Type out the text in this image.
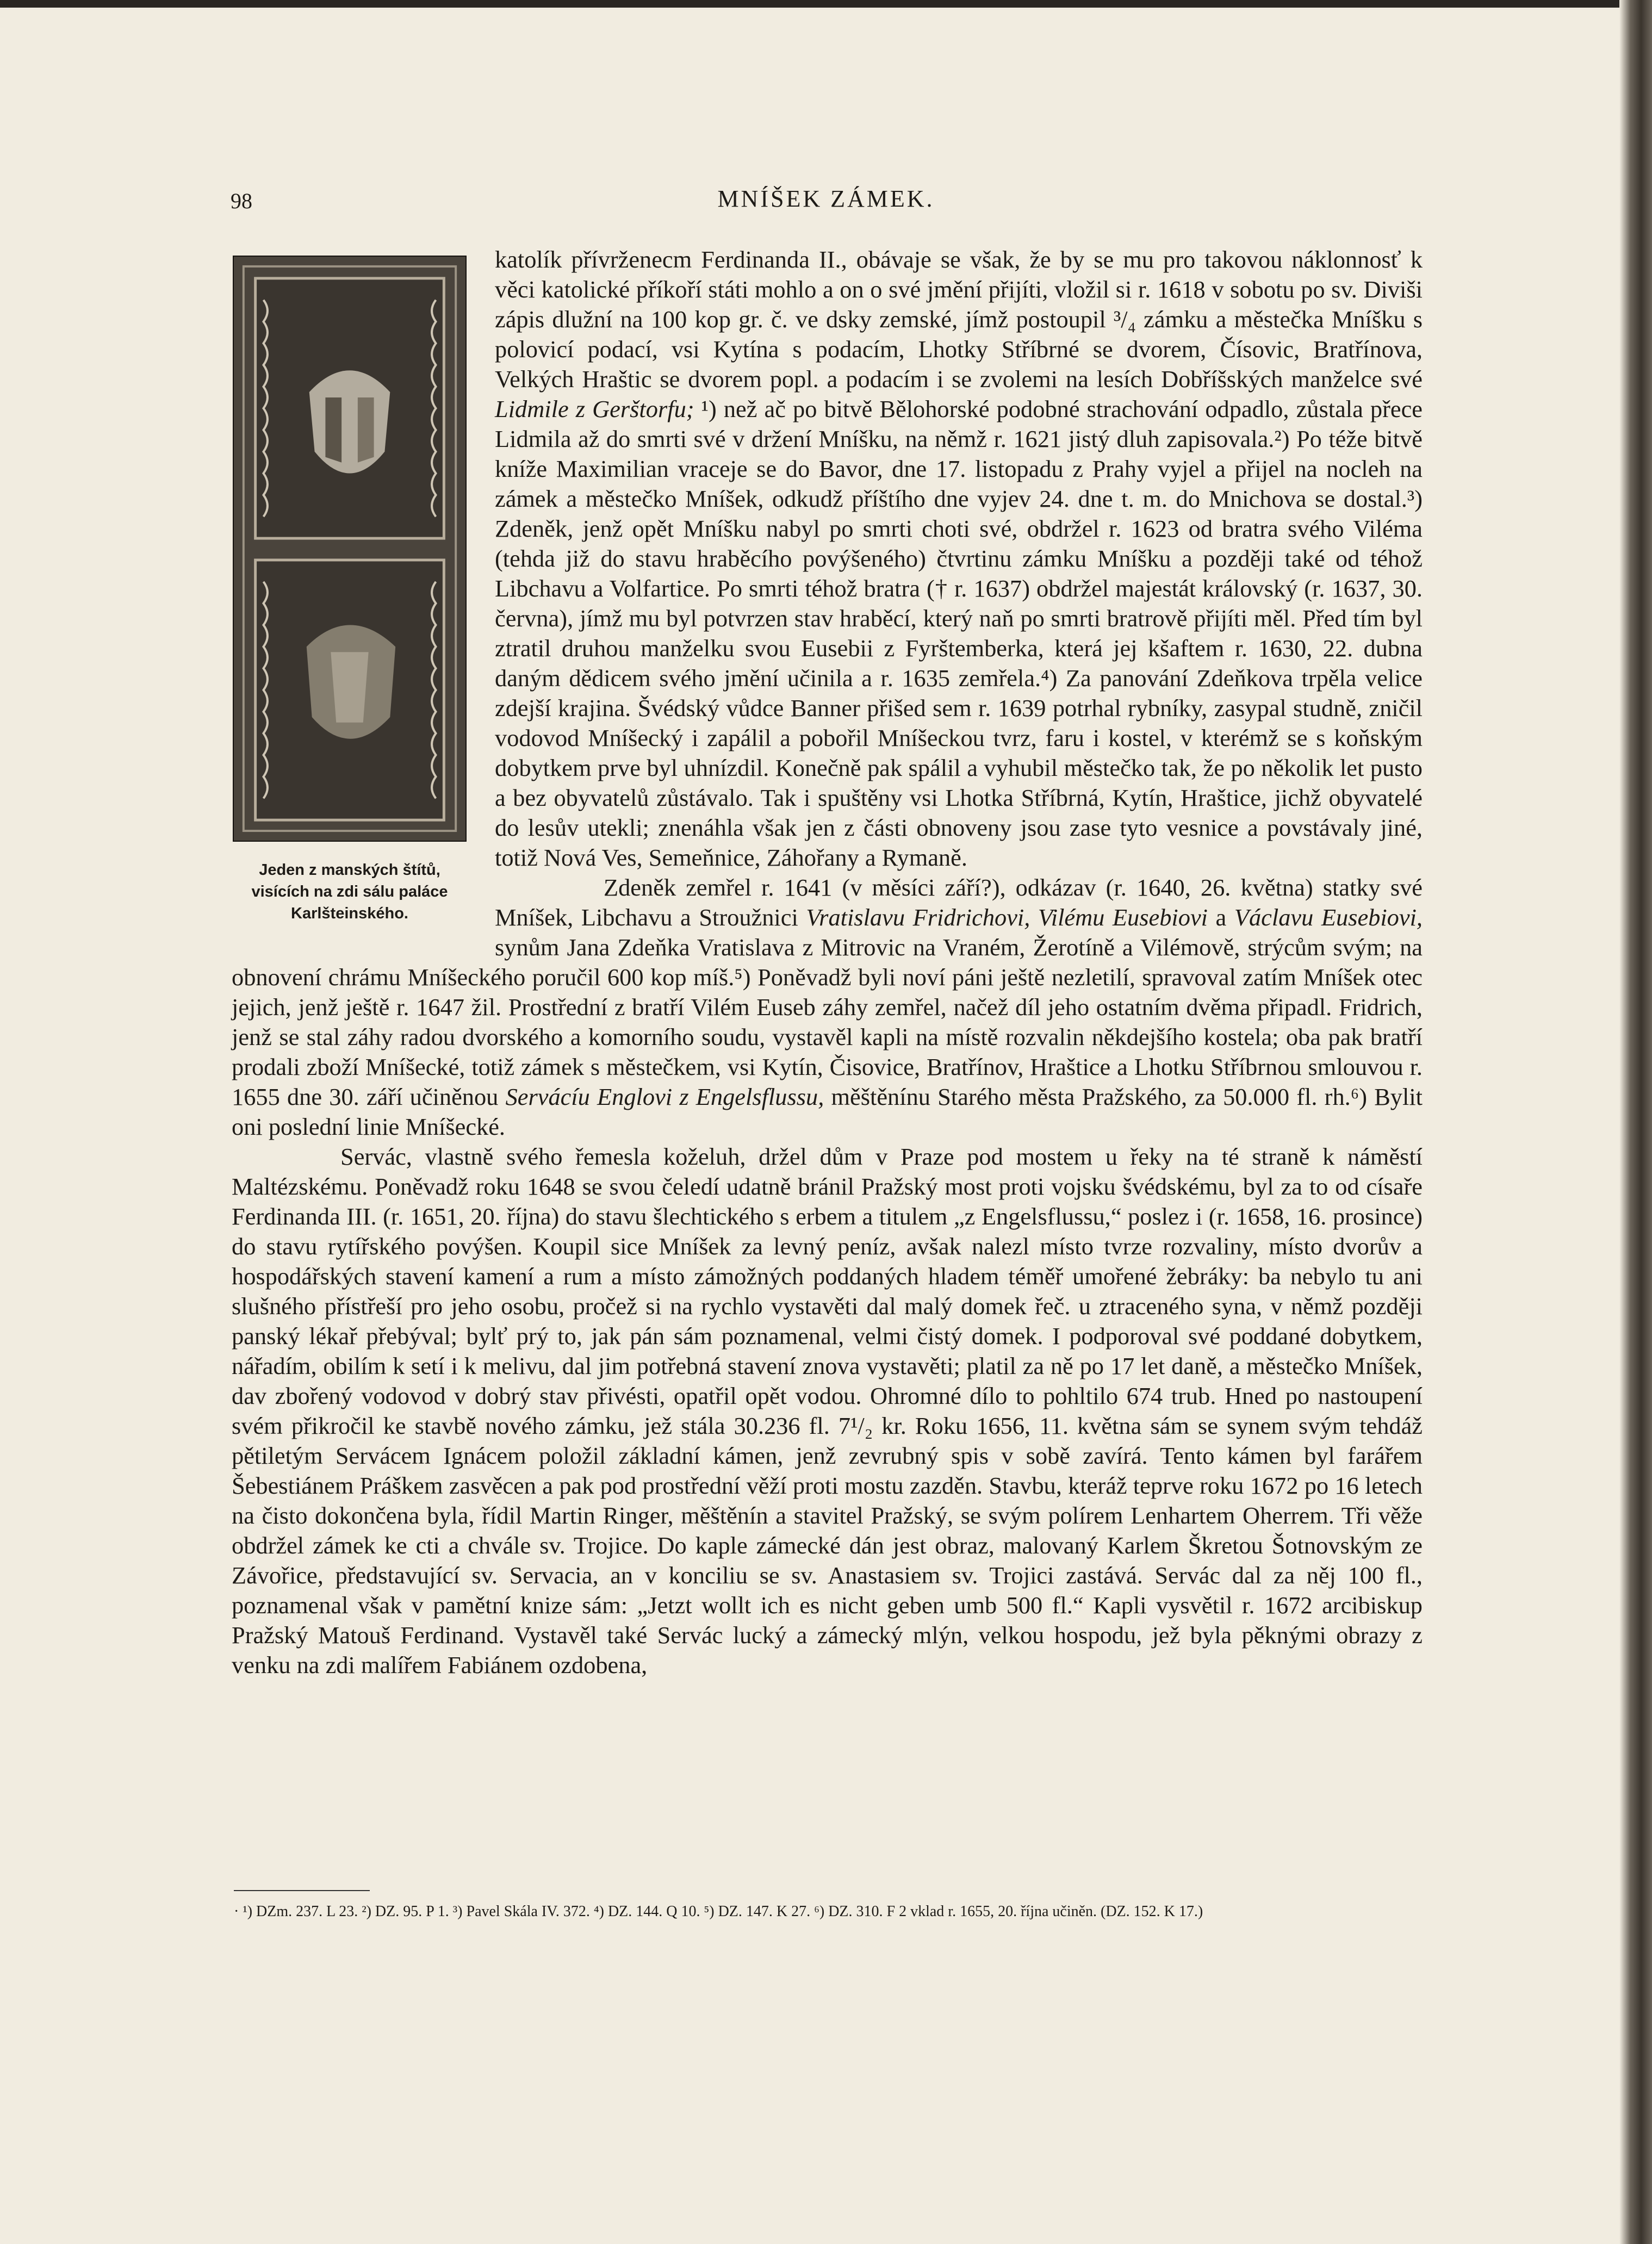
98	MNÍŠEK ZÁMEK.

Jeden z manských štítů, visících na zdi sálu paláce Karlšteinského.

katolík přívrženecm Ferdinanda II., obávaje se však, že by se mu pro takovou náklonnosť k věci katolické příkoří státi mohlo a on o své jmění přijíti, vložil si r. 1618 v sobotu po sv. Diviši zápis dlužní na 100 kop gr. č. ve dsky zemské, jímž postoupil ³/₄ zámku a městečka Mníšku s polovicí podací, vsi Kytína s podacím, Lhotky Stříbrné se dvorem, Čísovic, Bratřínova, Velkých Hraštic se dvorem popl. a podacím i se zvolemi na lesích Dobříšských manželce své Lidmile z Gerštorfu; ¹) než ač po bitvě Bělohorské podobné strachování odpadlo, zůstala přece Lidmila až do smrti své v držení Mníšku, na němž r. 1621 jistý dluh zapisovala.²) Po téže bitvě kníže Maximilian vraceje se do Bavor, dne 17. listopadu z Prahy vyjel a přijel na nocleh na zámek a městečko Mníšek, odkudž příštího dne vyjev 24. dne t. m. do Mnichova se dostal.³) Zdeněk, jenž opět Mníšku nabyl po smrti choti své, obdržel r. 1623 od bratra svého Viléma (tehda již do stavu hraběcího povýšeného) čtvrtinu zámku Mníšku a později také od téhož Libchavu a Volfartice. Po smrti téhož bratra († r. 1637) obdržel majestát královský (r. 1637, 30. června), jímž mu byl potvrzen stav hraběcí, který naň po smrti bratrově přijíti měl. Před tím byl ztratil druhou manželku svou Eusebii z Fyrštemberka, která jej kšaftem r. 1630, 22. dubna daným dědicem svého jmění učinila a r. 1635 zemřela.⁴) Za panování Zdeňkova trpěla velice zdejší krajina. Švédský vůdce Banner přišed sem r. 1639 potrhal rybníky, zasypal studně, zničil vodovod Mníšecký i zapálil a pobořil Mníšeckou tvrz, faru i kostel, v kterémž se s koňským dobytkem prve byl uhnízdil. Konečně pak spálil a vyhubil městečko tak, že po několik let pusto a bez obyvatelů zůstávalo. Tak i spuštěny vsi Lhotka Stříbrná, Kytín, Hraštice, jichž obyvatelé do lesův utekli; znenáhla však jen z části obnoveny jsou zase tyto vesnice a povstávaly jiné, totiž Nová Ves, Semeňnice, Záhořany a Rymaně.

Zdeněk zemřel r. 1641 (v měsíci září?), odkázav (r. 1640, 26. května) statky své Mníšek, Libchavu a Stroužnici Vratislavu Fridrichovi, Vilému Eusebiovi a Václavu Eusebiovi, synům Jana Zdeňka Vratislava z Mitrovic na Vraném, Žerotíně a Vilémově, strýcům svým; na obnovení chrámu Mníšeckého poručil 600 kop míš.⁵) Poněvadž byli noví páni ještě nezletilí, spravoval zatím Mníšek otec jejich, jenž ještě r. 1647 žil. Prostřední z bratří Vilém Euseb záhy zemřel, načež díl jeho ostatním dvěma připadl. Fridrich, jenž se stal záhy radou dvorského a komorního soudu, vystavěl kapli na místě rozvalin někdejšího kostela; oba pak bratří prodali zboží Mníšecké, totiž zámek s městečkem, vsi Kytín, Čisovice, Bratřínov, Hraštice a Lhotku Stříbrnou smlouvou r. 1655 dne 30. září učiněnou Servácíu Englovi z Engelsflussu, měštěnínu Starého města Pražského, za 50.000 fl. rh.⁶) Bylit oni poslední linie Mníšecké.

Servác, vlastně svého řemesla koželuh, držel dům v Praze pod mostem u řeky na té straně k náměstí Maltézskému. Poněvadž roku 1648 se svou čeledí udatně bránil Pražský most proti vojsku švédskému, byl za to od císaře Ferdinanda III. (r. 1651, 20. října) do stavu šlechtického s erbem a titulem „z Engelsflussu,“ poslez i (r. 1658, 16. prosince) do stavu rytířského povýšen. Koupil sice Mníšek za levný peníz, avšak nalezl místo tvrze rozvaliny, místo dvorův a hospodářských stavení kamení a rum a místo zámožných poddaných hladem téměř umořené žebráky: ba nebylo tu ani slušného přístřeší pro jeho osobu, pročež si na rychlo vystavěti dal malý domek řeč. u ztraceného syna, v němž později panský lékař přebýval; bylť prý to, jak pán sám poznamenal, velmi čistý domek. I podporoval své poddané dobytkem, nářadím, obilím k setí i k melivu, dal jim potřebná stavení znova vystavěti; platil za ně po 17 let daně, a městečko Mníšek, dav zbořený vodovod v dobrý stav přivésti, opatřil opět vodou. Ohromné dílo to pohltilo 674 trub. Hned po nastoupení svém přikročil ke stavbě nového zámku, jež stála 30.236 fl. 7¹/₂ kr. Roku 1656, 11. května sám se synem svým tehdáž pětiletým Servácem Ignácem položil základní kámen, jenž zevrubný spis v sobě zavírá. Tento kámen byl farářem Šebestiánem Práškem zasvěcen a pak pod prostřední věží proti mostu zazděn. Stavbu, kteráž teprve roku 1672 po 16 letech na čisto dokončena byla, řídil Martin Ringer, měštěnín a stavitel Pražský, se svým polírem Lenhartem Oherrem. Tři věže obdržel zámek ke cti a chvále sv. Trojice. Do kaple zámecké dán jest obraz, malovaný Karlem Škretou Šotnovským ze Závořice, představující sv. Servacia, an v konciliu se sv. Anastasiem sv. Trojici zastává. Servác dal za něj 100 fl., poznamenal však v pamětní knize sám: „Jetzt wollt ich es nicht geben umb 500 fl.“ Kapli vysvětil r. 1672 arcibiskup Pražský Matouš Ferdinand. Vystavěl také Servác lucký a zámecký mlýn, velkou hospodu, jež byla pěknými obrazy z venku na zdi malířem Fabiánem ozdobena,

· ¹) DZm. 237. L 23. ²) DZ. 95. P 1. ³) Pavel Skála IV. 372. ⁴) DZ. 144. Q 10. ⁵) DZ. 147. K 27. ⁶) DZ. 310. F 2 vklad r. 1655, 20. října učiněn. (DZ. 152. K 17.)
